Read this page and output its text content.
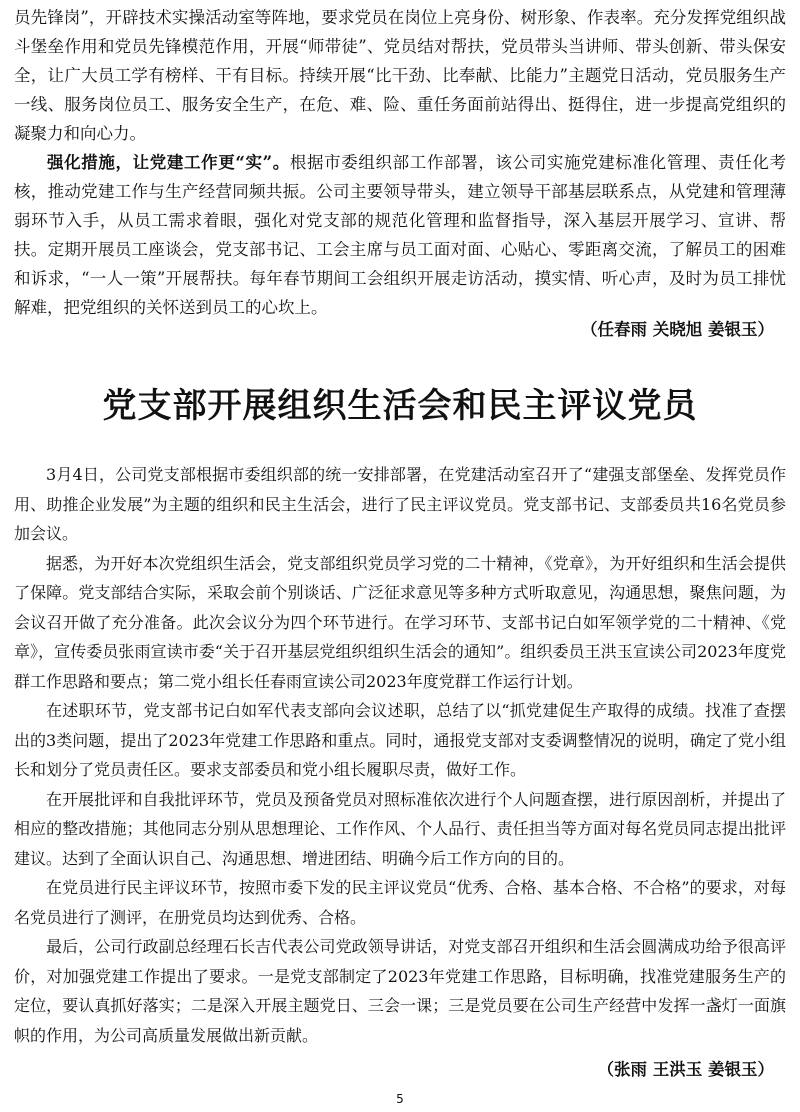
员先锋岗”，开辟技术实操活动室等阵地，要求党员在岗位上亮身份、树形象、作表率。充分发挥党组织战斗堡垒作用和党员先锋模范作用，开展“师带徒”、党员结对帮扶，党员带头当讲师、带头创新、带头保安全，让广大员工学有榜样、干有目标。持续开展“比干劲、比奉献、比能力”主题党日活动，党员服务生产一线、服务岗位员工、服务安全生产，在危、难、险、重任务面前站得出、挺得住，进一步提高党组织的凝聚力和向心力。

强化措施，让党建工作更“实”。根据市委组织部工作部署，该公司实施党建标准化管理、责任化考核，推动党建工作与生产经营同频共振。公司主要领导带头，建立领导干部基层联系点，从党建和管理薄弱环节入手，从员工需求着眼，强化对党支部的规范化管理和监督指导，深入基层开展学习、宣讲、帮扶。定期开展员工座谈会，党支部书记、工会主席与员工面对面、心贴心、零距离交流，了解员工的困难和诉求，“一人一策”开展帮扶。每年春节期间工会组织开展走访活动，摸实情、听心声，及时为员工排忧解难，把党组织的关怀送到员工的心坎上。

（任春雨 关晓旭 姜银玉）
党支部开展组织生活会和民主评议党员

3月4日，公司党支部根据市委组织部的统一安排部署，在党建活动室召开了“建强支部堡垒、发挥党员作用、助推企业发展”为主题的组织和民主生活会，进行了民主评议党员。党支部书记、支部委员共16名党员参加会议。

据悉，为开好本次党组织生活会，党支部组织党员学习党的二十精神，《党章》，为开好组织和生活会提供了保障。党支部结合实际，采取会前个别谈话、广泛征求意见等多种方式听取意见，沟通思想，聚焦问题，为会议召开做了充分准备。此次会议分为四个环节进行。在学习环节、支部书记白如军领学党的二十精神、《党章》，宣传委员张雨宣读市委“关于召开基层党组织组织生活会的通知”。组织委员王洪玉宣读公司2023年度党群工作思路和要点；第二党小组长任春雨宣读公司2023年度党群工作运行计划。

在述职环节，党支部书记白如军代表支部向会议述职，总结了以“抓党建促生产取得的成绩。找准了查摆出的3类问题，提出了2023年党建工作思路和重点。同时，通报党支部对支委调整情况的说明，确定了党小组长和划分了党员责任区。要求支部委员和党小组长履职尽责，做好工作。

在开展批评和自我批评环节，党员及预备党员对照标准依次进行个人问题查摆，进行原因剖析，并提出了相应的整改措施；其他同志分别从思想理论、工作作风、个人品行、责任担当等方面对每名党员同志提出批评建议。达到了全面认识自己、沟通思想、增进团结、明确今后工作方向的目的。

在党员进行民主评议环节，按照市委下发的民主评议党员“优秀、合格、基本合格、不合格”的要求，对每名党员进行了测评，在册党员均达到优秀、合格。

最后，公司行政副总经理石长吉代表公司党政领导讲话，对党支部召开组织和生活会圆满成功给予很高评价，对加强党建工作提出了要求。一是党支部制定了2023年党建工作思路，目标明确，找准党建服务生产的定位，要认真抓好落实；二是深入开展主题党日、三会一课；三是党员要在公司生产经营中发挥一盏灯一面旗帜的作用，为公司高质量发展做出新贡献。

（张雨 王洪玉 姜银玉）
5
